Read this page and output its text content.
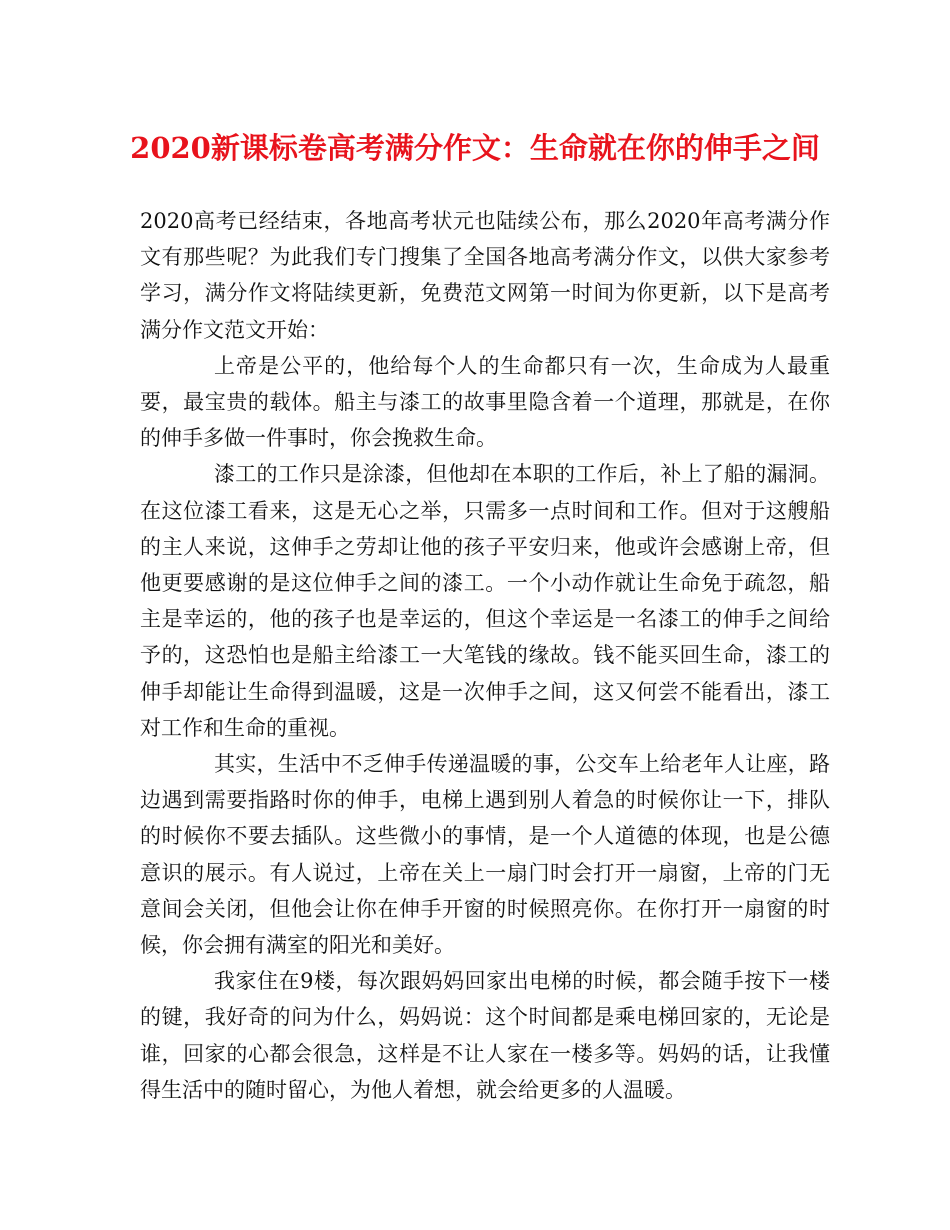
2020新课标卷高考满分作文：生命就在你的伸手之间

2020高考已经结束，各地高考状元也陆续公布，那么2020年高考满分作文有那些呢？为此我们专门搜集了全国各地高考满分作文，以供大家参考学习，满分作文将陆续更新，免费范文网第一时间为你更新，以下是高考满分作文范文开始：

上帝是公平的，他给每个人的生命都只有一次，生命成为人最重要，最宝贵的载体。船主与漆工的故事里隐含着一个道理，那就是，在你的伸手多做一件事时，你会挽救生命。

漆工的工作只是涂漆，但他却在本职的工作后，补上了船的漏洞。在这位漆工看来，这是无心之举，只需多一点时间和工作。但对于这艘船的主人来说，这伸手之劳却让他的孩子平安归来，他或许会感谢上帝，但他更要感谢的是这位伸手之间的漆工。一个小动作就让生命免于疏忽，船主是幸运的，他的孩子也是幸运的，但这个幸运是一名漆工的伸手之间给予的，这恐怕也是船主给漆工一大笔钱的缘故。钱不能买回生命，漆工的伸手却能让生命得到温暖，这是一次伸手之间，这又何尝不能看出，漆工对工作和生命的重视。

其实，生活中不乏伸手传递温暖的事，公交车上给老年人让座，路边遇到需要指路时你的伸手，电梯上遇到别人着急的时候你让一下，排队的时候你不要去插队。这些微小的事情，是一个人道德的体现，也是公德意识的展示。有人说过，上帝在关上一扇门时会打开一扇窗，上帝的门无意间会关闭，但他会让你在伸手开窗的时候照亮你。在你打开一扇窗的时候，你会拥有满室的阳光和美好。

我家住在9楼，每次跟妈妈回家出电梯的时候，都会随手按下一楼的键，我好奇的问为什么，妈妈说：这个时间都是乘电梯回家的，无论是谁，回家的心都会很急，这样是不让人家在一楼多等。妈妈的话，让我懂得生活中的随时留心，为他人着想，就会给更多的人温暖。
